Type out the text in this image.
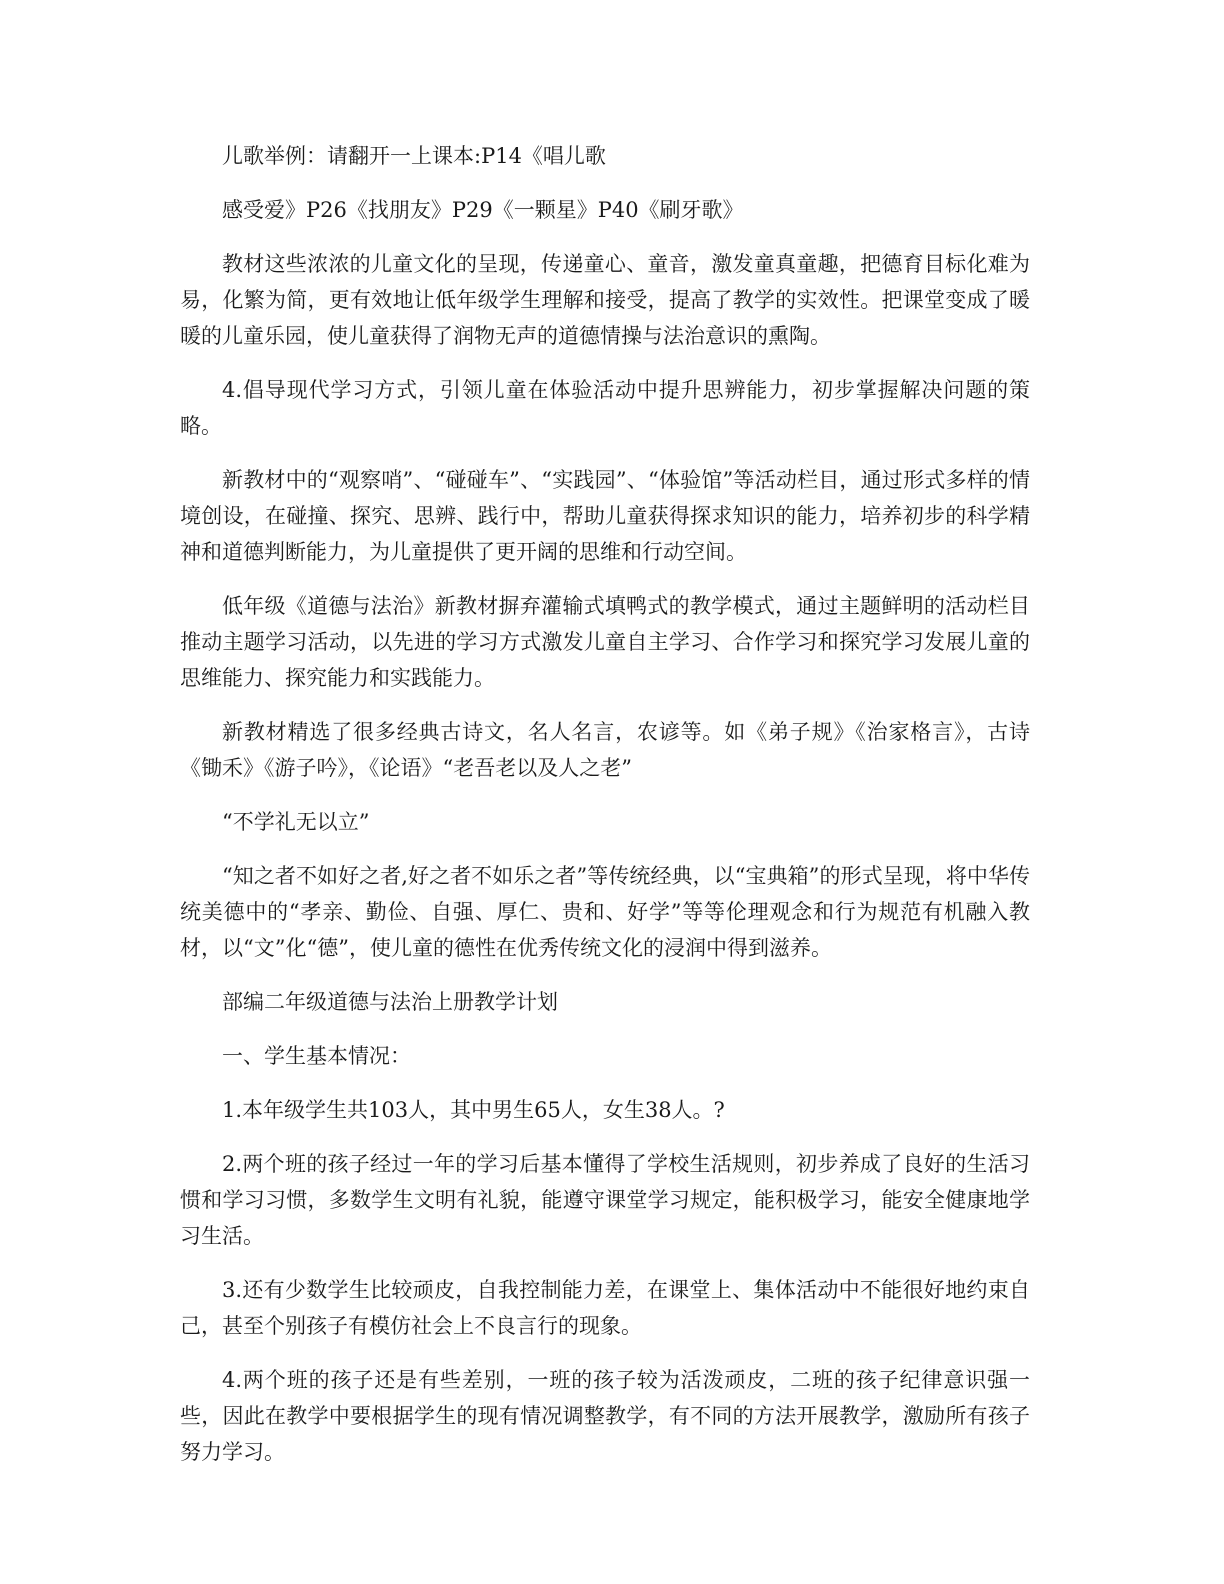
儿歌举例：请翻开一上课本:P14《唱儿歌

感受爱》P26《找朋友》P29《一颗星》P40《刷牙歌》

教材这些浓浓的儿童文化的呈现，传递童心、童音，激发童真童趣，把德育目标化难为易，化繁为简，更有效地让低年级学生理解和接受，提高了教学的实效性。把课堂变成了暖暖的儿童乐园，使儿童获得了润物无声的道德情操与法治意识的熏陶。

4.倡导现代学习方式，引领儿童在体验活动中提升思辨能力，初步掌握解决问题的策略。

新教材中的“观察哨”、“碰碰车”、“实践园”、“体验馆”等活动栏目，通过形式多样的情境创设，在碰撞、探究、思辨、践行中，帮助儿童获得探求知识的能力，培养初步的科学精神和道德判断能力，为儿童提供了更开阔的思维和行动空间。

低年级《道德与法治》新教材摒弃灌输式填鸭式的教学模式，通过主题鲜明的活动栏目推动主题学习活动，以先进的学习方式激发儿童自主学习、合作学习和探究学习发展儿童的思维能力、探究能力和实践能力。

新教材精选了很多经典古诗文，名人名言，农谚等。如《弟子规》《治家格言》，古诗《锄禾》《游子吟》，《论语》“老吾老以及人之老”

“不学礼无以立”

“知之者不如好之者,好之者不如乐之者”等传统经典，以“宝典箱”的形式呈现，将中华传统美德中的“孝亲、勤俭、自强、厚仁、贵和、好学”等等伦理观念和行为规范有机融入教材，以“文”化“德”，使儿童的德性在优秀传统文化的浸润中得到滋养。

部编二年级道德与法治上册教学计划

一、学生基本情况：

1.本年级学生共103人，其中男生65人，女生38人。?

2.两个班的孩子经过一年的学习后基本懂得了学校生活规则，初步养成了良好的生活习惯和学习习惯，多数学生文明有礼貌，能遵守课堂学习规定，能积极学习，能安全健康地学习生活。

3.还有少数学生比较顽皮，自我控制能力差，在课堂上、集体活动中不能很好地约束自己，甚至个别孩子有模仿社会上不良言行的现象。

4.两个班的孩子还是有些差别，一班的孩子较为活泼顽皮，二班的孩子纪律意识强一些，因此在教学中要根据学生的现有情况调整教学，有不同的方法开展教学，激励所有孩子努力学习。
